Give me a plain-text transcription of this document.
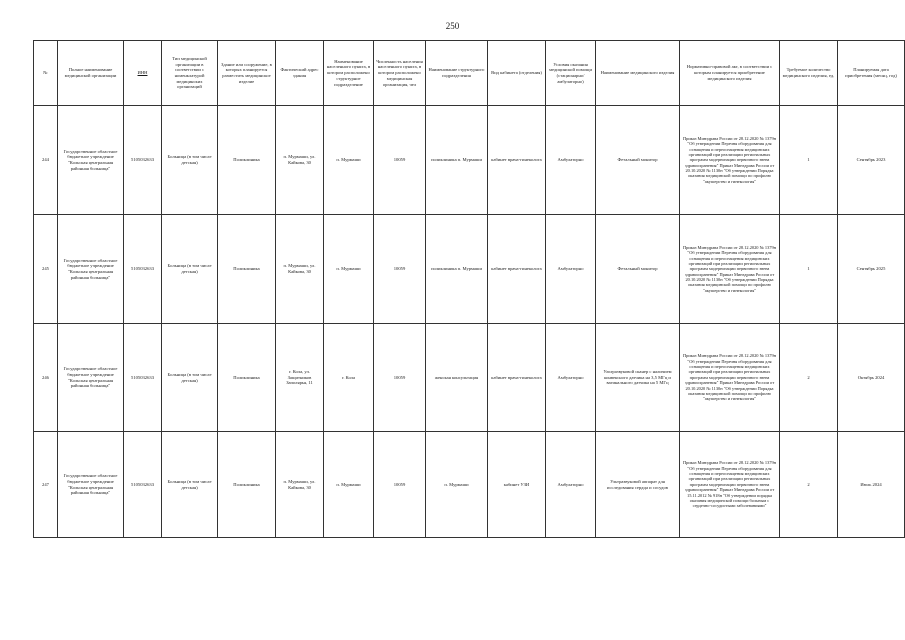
250
№	Полное наименование медицинской организации	ИНН	Тип медицинской организации в соответствии с номенклатурой медицинских организаций	Здание или сооружение, в которых планируется разместить медицинское изделие	Фактический адрес здания	Наименование населенного пункта, в котором расположено структурное подразделение	Численность населения населенного пункта, в котором расположено медицинская организация, чел	Наименование структурного подразделения	Вид кабинета (отделения)	Условия оказания медицинской помощи (стационарно/амбулаторно)	Наименование медицинского изделия	Нормативно-правовой акт, в соответствии с которым планируется приобретение медицинского изделия	Требуемое количество медицинского изделия, ед.	Планируемая дата приобретения (месяц, год)
244	Государственное областное бюджетное учреждение "Кольская центральная районная больница"	5105032633	Больница (в том числе детская)	Поликлиника	п. Мурмаши, ул. Кайкова, 30	п. Мурмаши	10059	поликлиника п. Мурмаши	кабинет врача-гинеколога	Амбулаторно	Фетальный монитор	Приказ Минздрава России от 28.12.2020 № 1379н "Об утверждении Перечня оборудования для оснащения и переоснащения медицинских организаций при реализации региональных программ модернизации первичного звена здравоохранения" Приказ Минздрава России от 20.10.2020 № 1130н "Об утверждении Порядка оказания медицинской помощи по профилю "акушерство и гинекология"	1	Сентябрь 2023
245	Государственное областное бюджетное учреждение "Кольская центральная районная больница"	5105032633	Больница (в том числе детская)	Поликлиника	п. Мурмаши, ул. Кайкова, 30	п. Мурмаши	10059	поликлиника п. Мурмаши	кабинет врача-гинеколога	Амбулаторно	Фетальный монитор	Приказ Минздрава России от 28.12.2020 № 1379н "Об утверждении Перечня оборудования для оснащения и переоснащения медицинских организаций при реализации региональных программ модернизации первичного звена здравоохранения" Приказ Минздрава России от 20.10.2020 № 1130н "Об утверждении Порядка оказания медицинской помощи по профилю "акушерство и гинекология"	1	Сентябрь 2025
246	Государственное областное бюджетное учреждение "Кольская центральная районная больница"	5105032633	Больница (в том числе детская)	Поликлиника	г. Кола, ул. Защитников Заполярья, 11	г. Кола	10059	женская консультация	кабинет врача-гинеколога	Амбулаторно	Ультразвуковой сканер с наличием конвексного датчика на 3,5 МГц и вагинального датчика на 5 МГц	Приказ Минздрава России от 28.12.2020 № 1379н "Об утверждении Перечня оборудования для оснащения и переоснащения медицинских организаций при реализации региональных программ модернизации первичного звена здравоохранения" Приказ Минздрава России от 20.10.2020 № 1130н "Об утверждении Порядка оказания медицинской помощи по профилю "акушерство и гинекология"	2	Октябрь 2024
247	Государственное областное бюджетное учреждение "Кольская центральная районная больница"	5105032633	Больница (в том числе детская)	Поликлиника	п. Мурмаши, ул. Кайкова, 30	п. Мурмаши	10059	п. Мурмаши	кабинет УЗИ	Амбулаторно	Ультразвуковой аппарат для исследования сердца и сосудов	Приказ Минздрава России от 28.12.2020 № 1379н "Об утверждении Перечня оборудования для оснащения и переоснащения медицинских организаций при реализации региональных программ модернизации первичного звена здравоохранения" Приказ Минздрава России от 15.11.2012 № 918н "Об утверждении порядка оказания медицинской помощи больным с сердечно-сосудистыми заболеваниями"	2	Июль 2024
